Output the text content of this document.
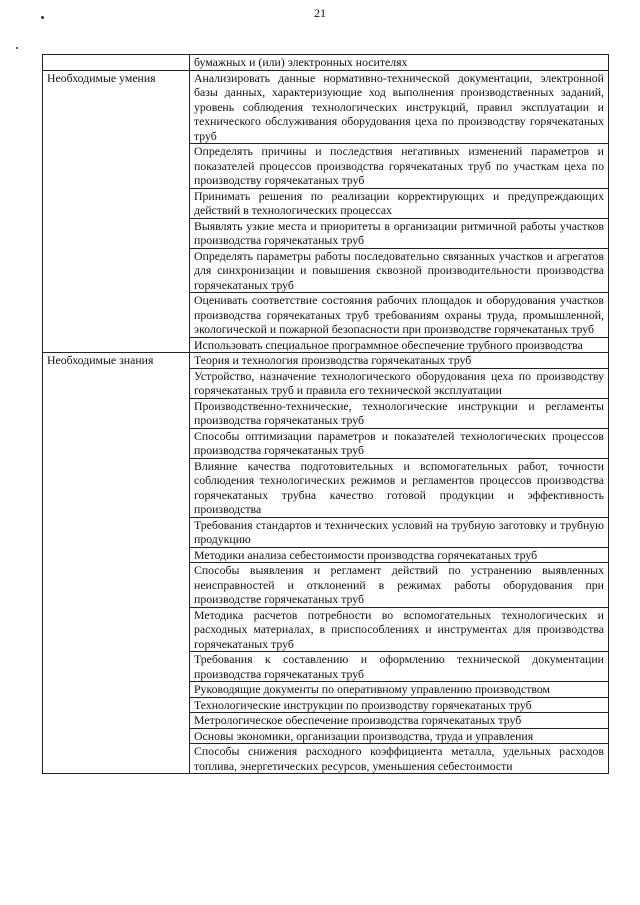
21
	бумажных и (или) электронных носителях
Необходимые умения	Анализировать данные нормативно-технической документации, электронной базы данных, характеризующие ход выполнения производственных заданий, уровень соблюдения технологических инструкций, правил эксплуатации и технического обслуживания оборудования цеха по производству горячекатаных труб
	Определять причины и последствия негативных изменений параметров и показателей процессов производства горячекатаных труб по участкам цеха по производству горячекатаных труб
	Принимать решения по реализации корректирующих и предупреждающих действий в технологических процессах
	Выявлять узкие места и приоритеты в организации ритмичной работы участков производства горячекатаных труб
	Определять параметры работы последовательно связанных участков и агрегатов для синхронизации и повышения сквозной производительности производства горячекатаных труб
	Оценивать соответствие состояния рабочих площадок и оборудования участков производства горячекатаных труб требованиям охраны труда, промышленной, экологической и пожарной безопасности при производстве горячекатаных труб
	Использовать специальное программное обеспечение трубного производства
Необходимые знания	Теория и технология производства горячекатаных труб
	Устройство, назначение технологического оборудования цеха по производству горячекатаных труб и правила его технической эксплуатации
	Производственно-технические, технологические инструкции и регламенты производства горячекатаных труб
	Способы оптимизации параметров и показателей технологических процессов производства горячекатаных труб
	Влияние качества подготовительных и вспомогательных работ, точности соблюдения технологических режимов и регламентов процессов производства горячекатаных трубна качество готовой продукции и эффективность производства
	Требования стандартов и технических условий на трубную заготовку и трубную продукцию
	Методики анализа себестоимости производства горячекатаных труб
	Способы выявления и регламент действий по устранению выявленных неисправностей и отклонений в режимах работы оборудования при производстве горячекатаных труб
	Методика расчетов потребности во вспомогательных технологических и расходных материалах, в приспособлениях и инструментах для производства горячекатаных труб
	Требования к составлению и оформлению технической документации производства горячекатаных труб
	Руководящие документы по оперативному управлению производством
	Технологические инструкции по производству горячекатаных труб
	Метрологическое обеспечение производства горячекатаных труб
	Основы экономики, организации производства, труда и управления
	Способы снижения расходного коэффициента металла, удельных расходов топлива, энергетических ресурсов, уменьшения себестоимости
